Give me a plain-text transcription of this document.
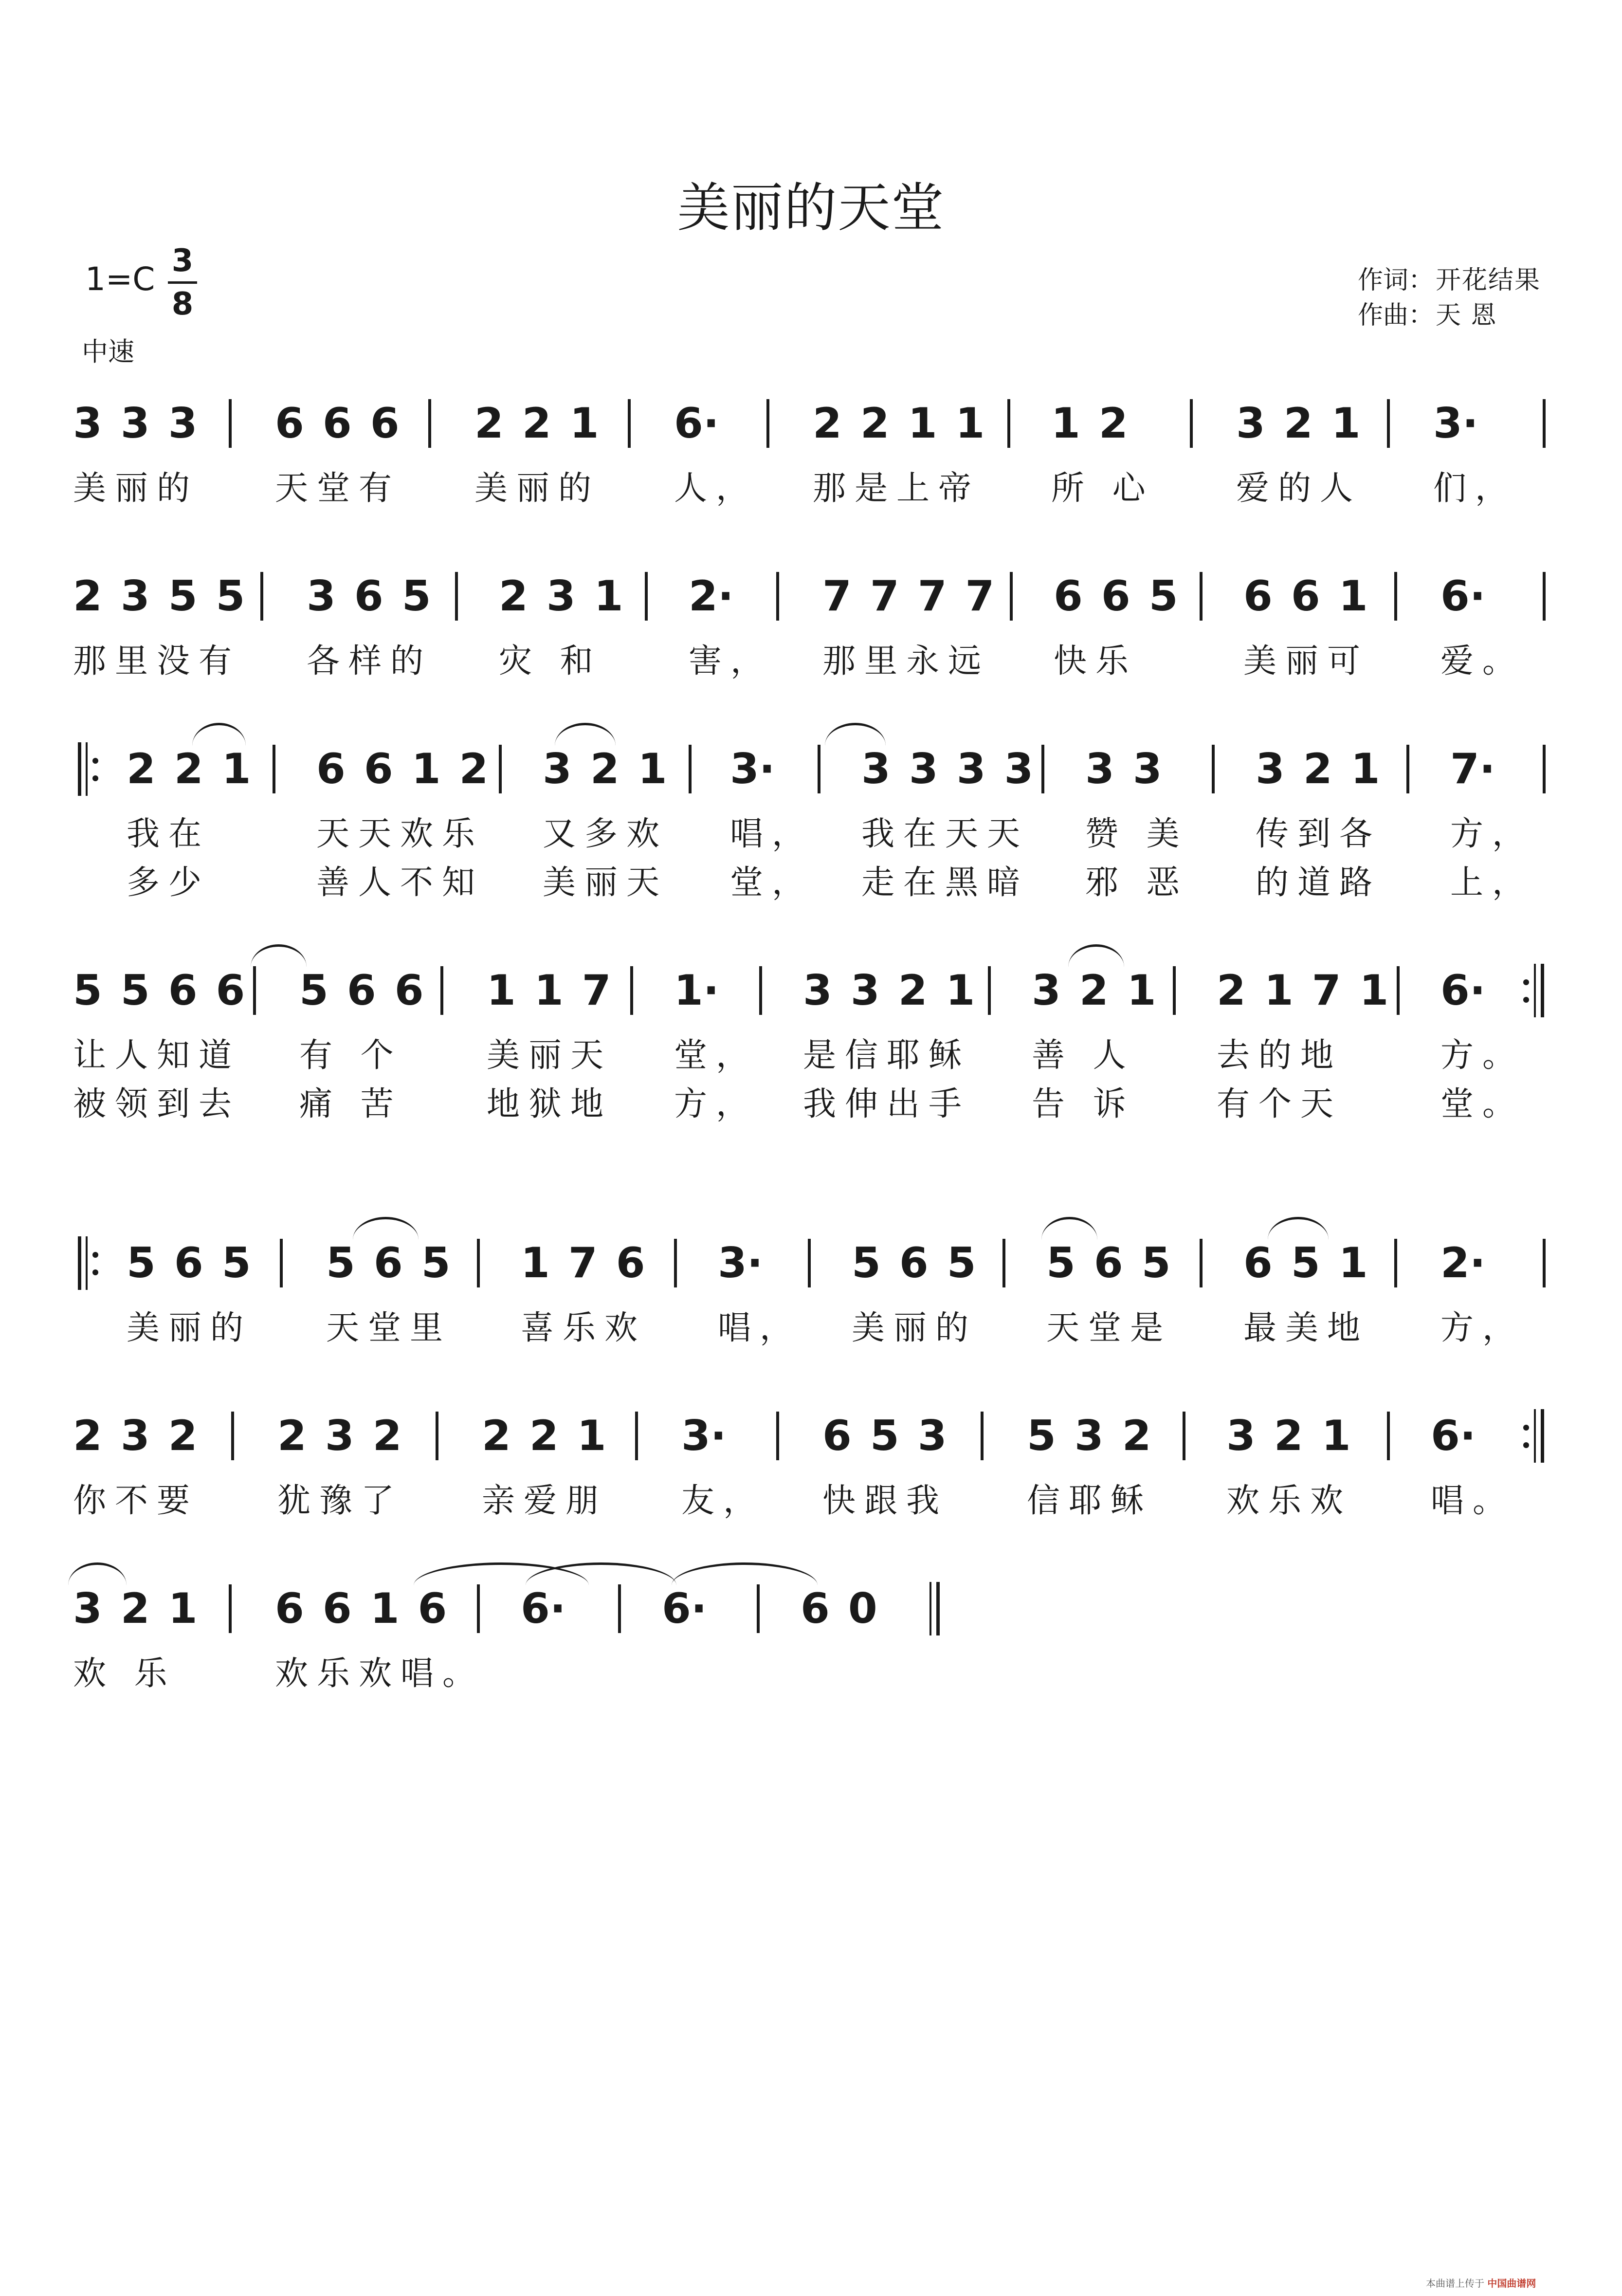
美丽的天堂
1=C 3
8
中速
作词： 开花结果
作曲： 天 恩
3 3 3
美丽的
6 6 6
天堂有
2 2 1
美丽的
6·
人，
2 2 1 1
那是上帝
1 2
所 心
3 2 1
爱的人
3·
们，
2 3 5 5
那里没有
3 6 5
各样的
2 3 1
灾 和
2·
害，
7 7 7 7
那里永远
6 6 5
快乐
6 6 1
美丽可
6·
爱。
2 2 1
我在
多少
6 6 1 2
天天欢乐
善人不知
3 2 1
又多欢
美丽天
3·
唱，
堂，
3 3 3 3
我在天天
走在黑暗
3 3
赞 美
邪 恶
3 2 1
传到各
的道路
7·
方，
上，
5 5 6 6
让人知道
被领到去
5 6 6
有 个
痛 苦
1 1 7
美丽天
地狱地
1·
堂，
方，
3 3 2 1
是信耶稣
我伸出手
3 2 1
善 人
告 诉
2 1 7 1
去的地
有个天
6·
方。
堂。
5 6 5
美丽的
5 6 5
天堂里
1 7 6
喜乐欢
3·
唱，
5 6 5
美丽的
5 6 5
天堂是
6 5 1
最美地
2·
方，
2 3 2
你不要
2 3 2
犹豫了
2 2 1
亲爱朋
3·
友，
6 5 3
快跟我
5 3 2
信耶稣
3 2 1
欢乐欢
6·
唱。
3 2 1
欢 乐
6 6 1 6
欢乐欢唱。
6· 6· 6 0
本曲谱上传于 中国曲谱网
